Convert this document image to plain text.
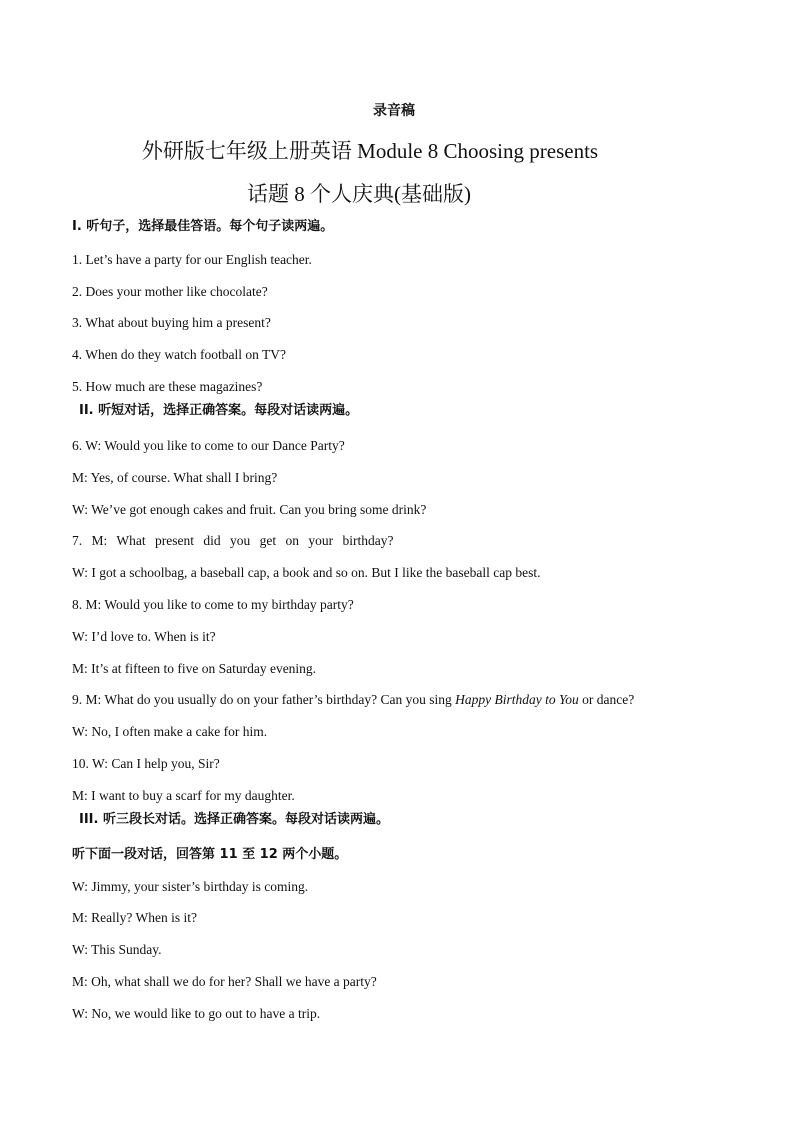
录音稿
外研版七年级上册英语 Module 8 Choosing presents
话题 8 个人庆典(基础版)
Ⅰ. 听句子，选择最佳答语。每个句子读两遍。
1. Let’s have a party for our English teacher.
2. Does your mother like chocolate?
3. What about buying him a present?
4. When do they watch football on TV?
5. How much are these magazines?
II. 听短对话，选择正确答案。每段对话读两遍。
6. W: Would you like to come to our Dance Party?
M: Yes, of course. What shall I bring?
W: We’ve got enough cakes and fruit. Can you bring some drink?
7. M: What present did you get on your birthday?
W: I got a schoolbag, a baseball cap, a book and so on. But I like the baseball cap best.
8. M: Would you like to come to my birthday party?
W: I’d love to. When is it?
M: It’s at fifteen to five on Saturday evening.
9. M: What do you usually do on your father’s birthday? Can you sing Happy Birthday to You or dance?
W: No, I often make a cake for him.
10. W: Can I help you, Sir?
M: I want to buy a scarf for my daughter.
III. 听三段长对话。选择正确答案。每段对话读两遍。
听下面一段对话，回答第 11 至 12 两个小题。
W: Jimmy, your sister’s birthday is coming.
M: Really? When is it?
W: This Sunday.
M: Oh, what shall we do for her? Shall we have a party?
W: No, we would like to go out to have a trip.
